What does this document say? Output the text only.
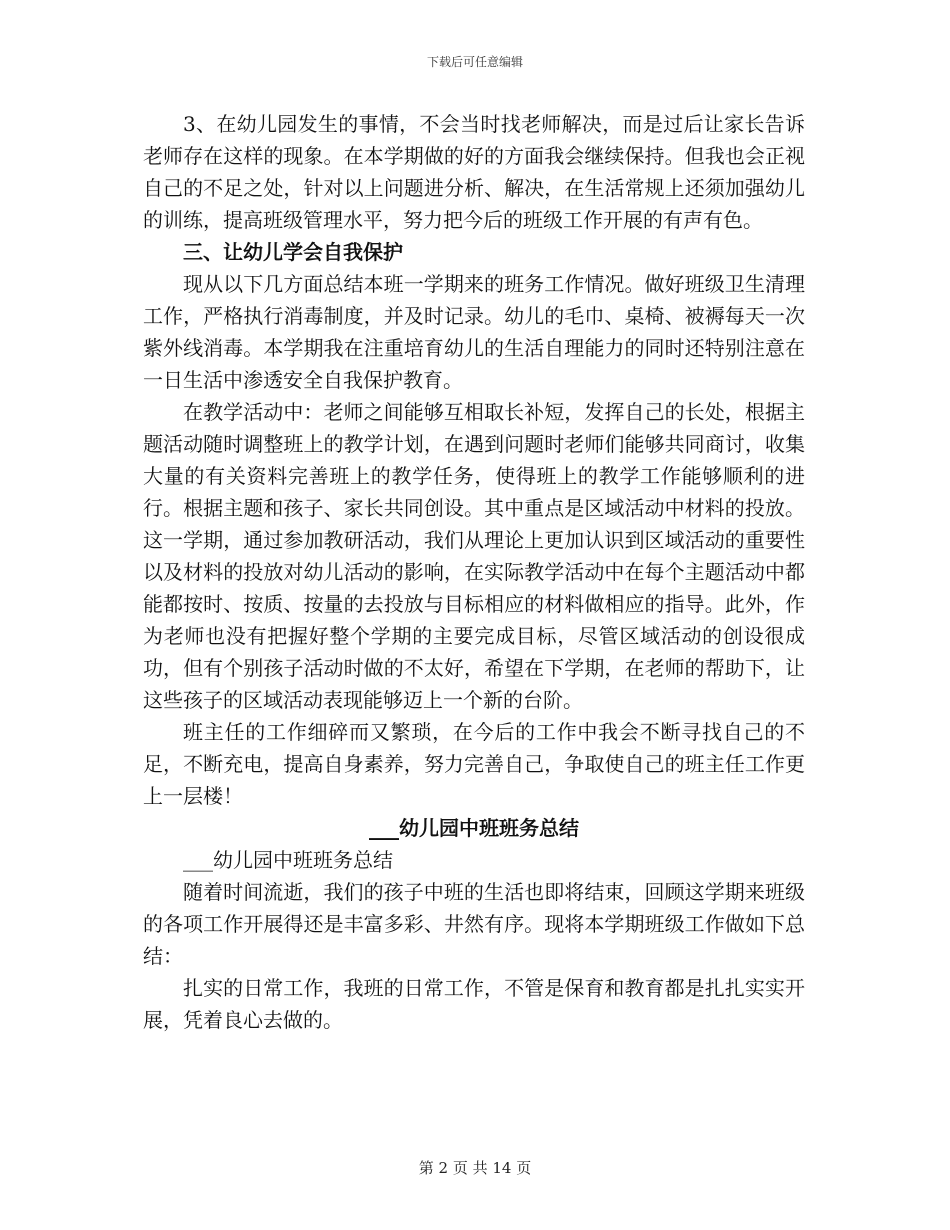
下载后可任意编辑

3、在幼儿园发生的事情，不会当时找老师解决，而是过后让家长告诉老师存在这样的现象。在本学期做的好的方面我会继续保持。但我也会正视自己的不足之处，针对以上问题进分析、解决，在生活常规上还须加强幼儿的训练，提高班级管理水平，努力把今后的班级工作开展的有声有色。

三、让幼儿学会自我保护

现从以下几方面总结本班一学期来的班务工作情况。做好班级卫生清理工作，严格执行消毒制度，并及时记录。幼儿的毛巾、桌椅、被褥每天一次紫外线消毒。本学期我在注重培育幼儿的生活自理能力的同时还特别注意在一日生活中渗透安全自我保护教育。

在教学活动中：老师之间能够互相取长补短，发挥自己的长处，根据主题活动随时调整班上的教学计划，在遇到问题时老师们能够共同商讨，收集大量的有关资料完善班上的教学任务，使得班上的教学工作能够顺利的进行。根据主题和孩子、家长共同创设。其中重点是区域活动中材料的投放。这一学期，通过参加教研活动，我们从理论上更加认识到区域活动的重要性以及材料的投放对幼儿活动的影响，在实际教学活动中在每个主题活动中都能都按时、按质、按量的去投放与目标相应的材料做相应的指导。此外，作为老师也没有把握好整个学期的主要完成目标，尽管区域活动的创设很成功，但有个别孩子活动时做的不太好，希望在下学期，在老师的帮助下，让这些孩子的区域活动表现能够迈上一个新的台阶。

班主任的工作细碎而又繁琐，在今后的工作中我会不断寻找自己的不足，不断充电，提高自身素养，努力完善自己，争取使自己的班主任工作更上一层楼！

___幼儿园中班班务总结

___幼儿园中班班务总结

随着时间流逝，我们的孩子中班的生活也即将结束，回顾这学期来班级的各项工作开展得还是丰富多彩、井然有序。现将本学期班级工作做如下总结：

扎实的日常工作，我班的日常工作，不管是保育和教育都是扎扎实实开展，凭着良心去做的。

第 2 页 共 14 页
